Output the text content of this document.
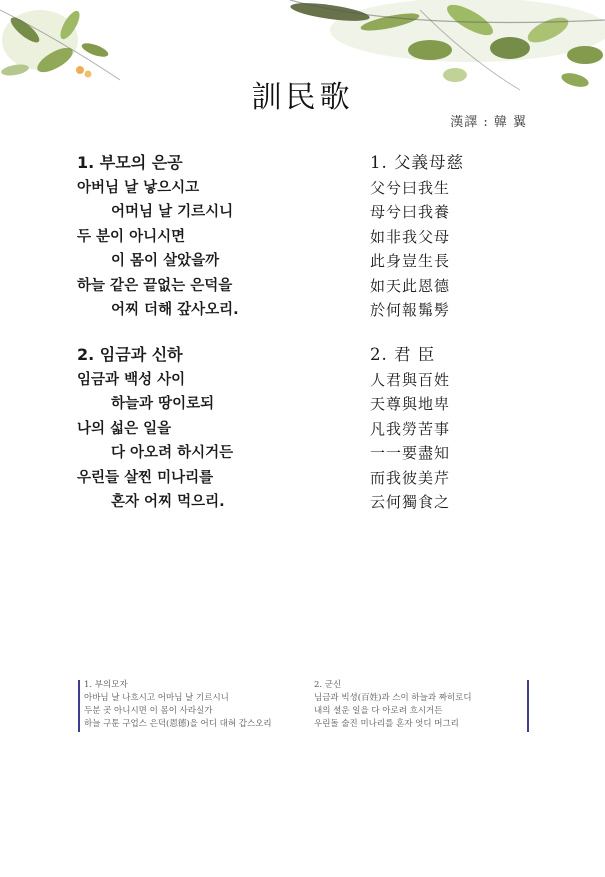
訓民歌
漢譯 : 韓 翼
1. 부모의 은공
아버님 날 낳으시고
어머님 날 기르시니
두 분이 아니시면
이 몸이 살았을까
하늘 같은 끝없는 은덕을
어찌 더해 갚사오리.
1. 父義母慈
父兮曰我生
母兮曰我養
如非我父母
此身豈生長
如天此恩德
於何報髴髣
2. 임금과 신하
임금과 백성 사이
하늘과 땅이로되
나의 섧은 일을
다 아오려 하시거든
우린들 살찐 미나리를
혼자 어찌 먹으리.
2. 君 臣
人君與百姓
天尊與地卑
凡我勞苦事
一一要盡知
而我彼美芹
云何獨食之
1. 부의모자
아바님 날 나흐시고 어마님 날 기르시니
두분 곳 아니시면 이 몸이 사라실가
하늘 구툰 구업스 은덕(恩德)을 어디 대혀 갑스오리
2. 군신
님금과 빅셩(百姓)과 스이 하늘과 짜히로디
내의 셜운 일을 다 아로려 흐시거든
우린돌 술진 미나리를 혼자 엇디 머그리
